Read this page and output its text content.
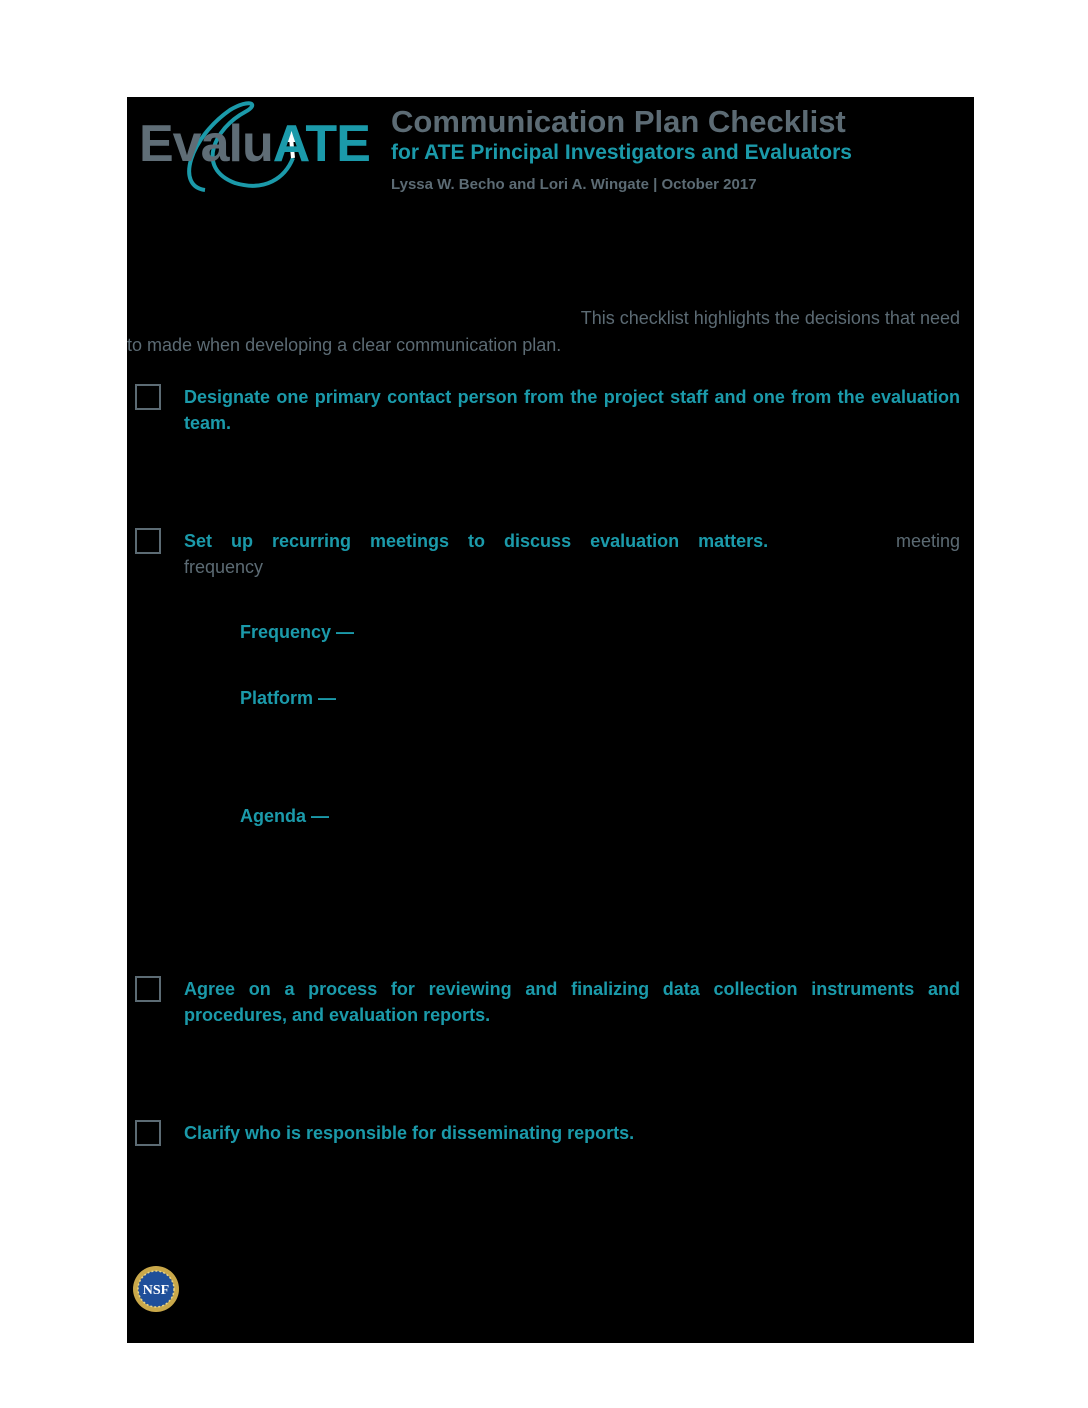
EvaluATE Communication Plan Checklist
for ATE Principal Investigators and Evaluators
Lyssa W. Becho and Lori A. Wingate | October 2017
This checklist highlights the decisions that need
to made when developing a clear communication plan.
Designate one primary contact person from the project staff and one from the evaluation team.
Set up recurring meetings to discuss evaluation matters.	meeting
frequency
Frequency —
Platform —
Agenda —
Agree on a process for reviewing and finalizing data collection instruments and procedures, and evaluation reports.
Clarify who is responsible for disseminating reports.
NSF
